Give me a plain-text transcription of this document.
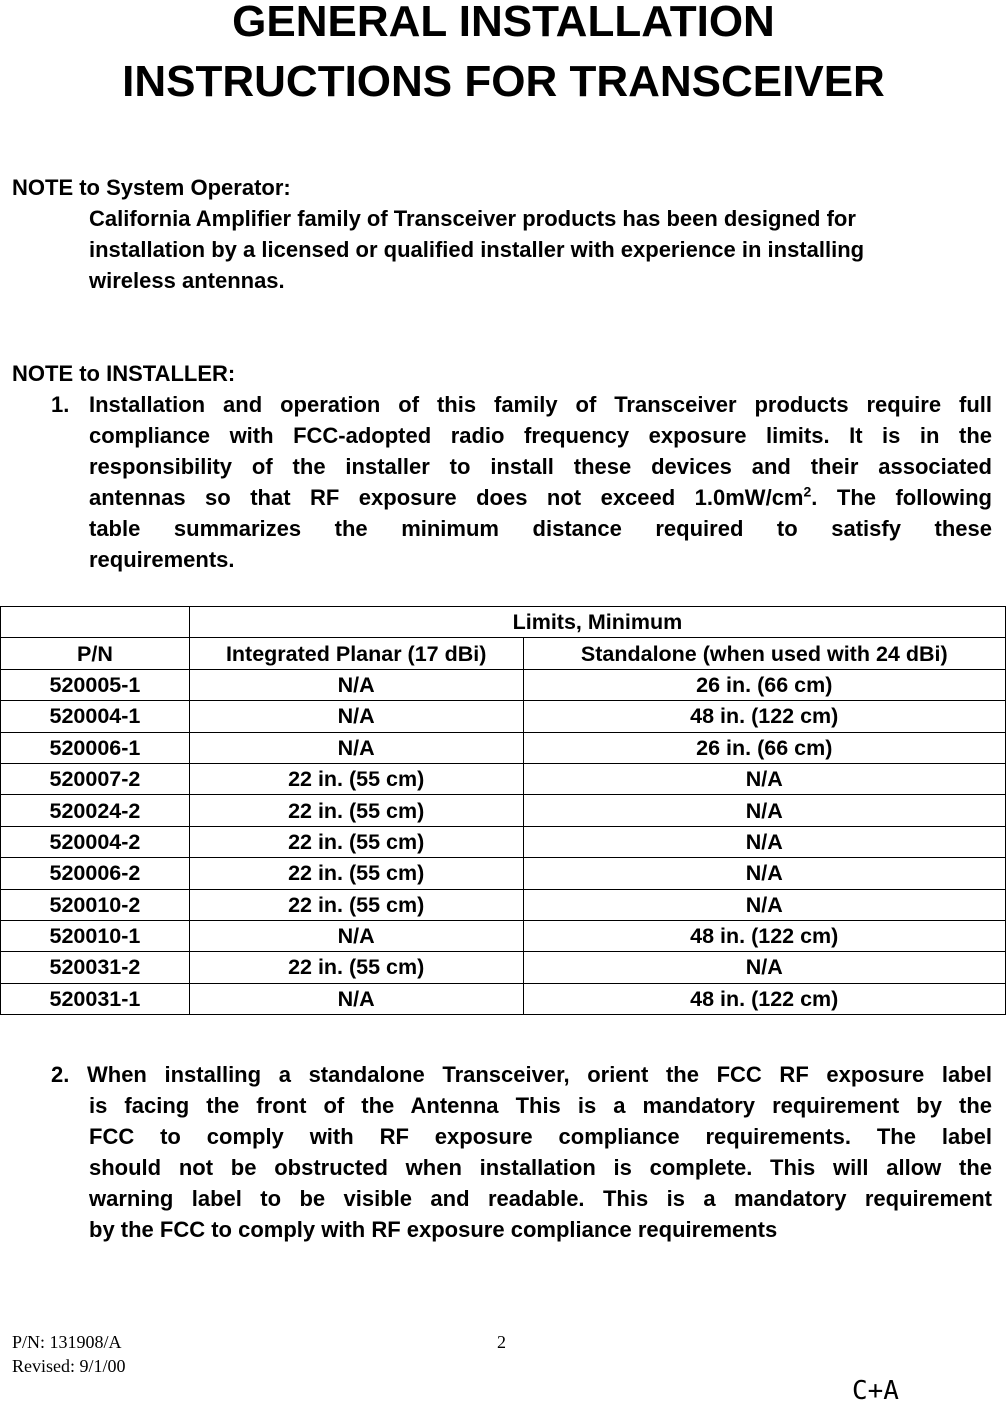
GENERAL INSTALLATION
INSTRUCTIONS FOR TRANSCEIVER

NOTE to System Operator:

California Amplifier family of Transceiver products has been designed for

installation by a licensed or qualified installer with experience in installing

wireless antennas.

NOTE to INSTALLER:

1. Installation and operation of this family of Transceiver products require full

compliance with FCC-adopted radio frequency exposure limits. It is in the

responsibility of the installer to install these devices and their associated

antennas so that RF exposure does not exceed $1.0mW/cm^2$. The following

table summarizes the minimum distance required to satisfy these

requirements.

	Limits, Minimum	
P/N	Integrated Planar (17 dBi)	Standalone (when used with 24 dBi)
520005-1	N/A	26 in. (66 cm)
520004-1	N/A	48 in. (122 cm)
520006-1	N/A	26 in. (66 cm)
520007-2	22 in. (55 cm)	N/A
520024-2	22 in. (55 cm)	N/A
520004-2	22 in. (55 cm)	N/A
520006-2	22 in. (55 cm)	N/A
520010-2	22 in. (55 cm)	N/A
520010-1	N/A	48 in. (122 cm)
520031-2	22 in. (55 cm)	N/A
520031-1	N/A	48 in. (122 cm)

2. When installing a standalone Transceiver, orient the FCC RF exposure label

is facing the front of the Antenna This is a mandatory requirement by the

FCC to comply with RF exposure compliance requirements. The label

should not be obstructed when installation is complete. This will allow the

warning label to be visible and readable. This is a mandatory requirement

by the FCC to comply with RF exposure compliance requirements

P/N: 131908/A
Revised: 9/1/00
2
C+A
